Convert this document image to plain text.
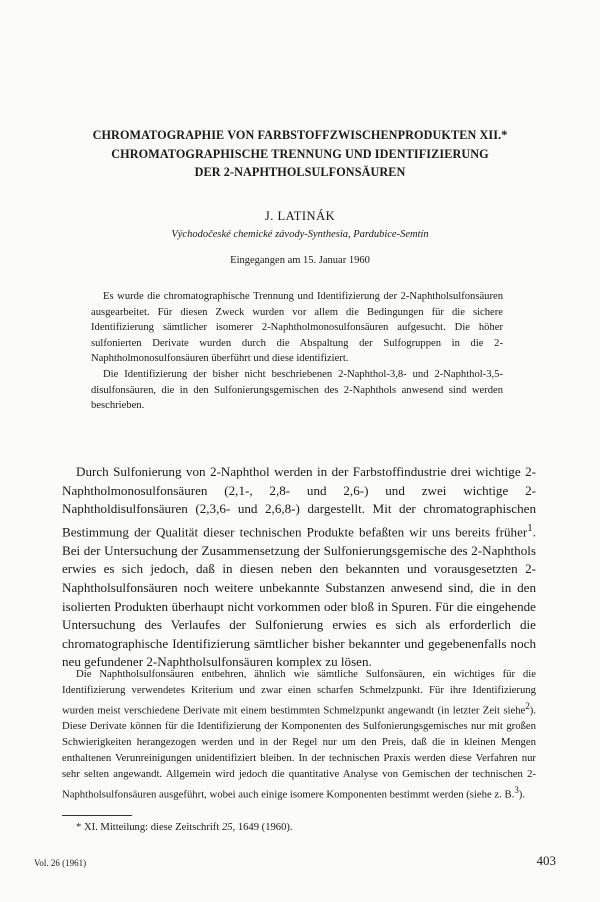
CHROMATOGRAPHIE VON FARBSTOFFZWISCHENPRODUKTEN XII.*
CHROMATOGRAPHISCHE TRENNUNG UND IDENTIFIZIERUNG
DER 2-NAPHTHOLSULFONSÄUREN
J. LATINÁK
Východočeské chemické závody-Synthesia, Pardubice-Semtín
Eingegangen am 15. Januar 1960

Es wurde die chromatographische Trennung und Identifizierung der 2-Naphtholsulfonsäuren ausgearbeitet. Für diesen Zweck wurden vor allem die Bedingungen für die sichere Identifizierung sämtlicher isomerer 2-Naphtholmonosulfonsäuren aufgesucht. Die höher sulfonierten Derivate wurden durch die Abspaltung der Sulfogruppen in die 2-Naphtholmonosulfonsäuren überführt und diese identifiziert.

Die Identifizierung der bisher nicht beschriebenen 2-Naphthol-3,8- und 2-Naphthol-3,5-disulfonsäuren, die in den Sulfonierungsgemischen des 2-Naphthols anwesend sind werden beschrieben.

Durch Sulfonierung von 2-Naphthol werden in der Farbstoffindustrie drei wichtige 2-Naphtholmonosulfonsäuren (2,1-, 2,8- und 2,6-) und zwei wichtige 2-Naphtholdisulfonsäuren (2,3,6- und 2,6,8-) dargestellt. Mit der chromatographischen Bestimmung der Qualität dieser technischen Produkte befaßten wir uns bereits früher$^1$. Bei der Untersuchung der Zusammensetzung der Sulfonierungsgemische des 2-Naphthols erwies es sich jedoch, daß in diesen neben den bekannten und vorausgesetzten 2-Naphtholsulfonsäuren noch weitere unbekannte Substanzen anwesend sind, die in den isolierten Produkten überhaupt nicht vorkommen oder bloß in Spuren. Für die eingehende Untersuchung des Verlaufes der Sulfonierung erwies es sich als erforderlich die chromatographische Identifizierung sämtlicher bisher bekannter und gegebenenfalls noch neu gefundener 2-Naphtholsulfonsäuren komplex zu lösen.

Die Naphtholsulfonsäuren entbehren, ähnlich wie sämtliche Sulfonsäuren, ein wichtiges für die Identifizierung verwendetes Kriterium und zwar einen scharfen Schmelzpunkt. Für ihre Identifizierung wurden meist verschiedene Derivate mit einem bestimmten Schmelzpunkt angewandt (in letzter Zeit siehe$^2$). Diese Derivate können für die Identifizierung der Komponenten des Sulfonierungsgemisches nur mit großen Schwierigkeiten herangezogen werden und in der Regel nur um den Preis, daß die in kleinen Mengen enthaltenen Verunreinigungen unidentifiziert bleiben. In der technischen Praxis werden diese Verfahren nur sehr selten angewandt. Allgemein wird jedoch die quantitative Analyse von Gemischen der technischen 2-Naphtholsulfonsäuren ausgeführt, wobei auch einige isomere Komponenten bestimmt werden (siehe z. B.$^3$).

* XI. Mitteilung: diese Zeitschrift 25, 1649 (1960).
Vol. 26 (1961)	403
